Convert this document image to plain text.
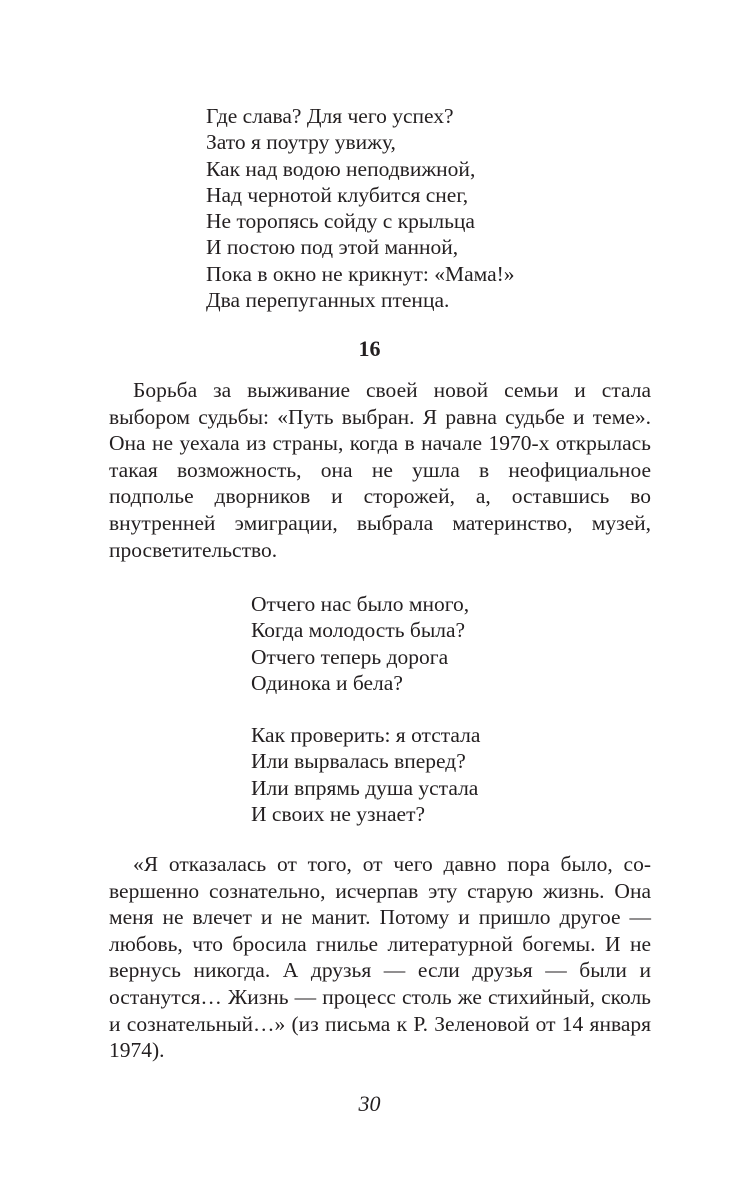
Где слава? Для чего успех?
Зато я поутру увижу,
Как над водою неподвижной,
Над чернотой клубится снег,
Не торопясь сойду с крыльца
И постою под этой манной,
Пока в окно не крикнут: «Мама!»
Два перепуганных птенца.
16

Борьба за выживание своей новой семьи и стала выбором судьбы: «Путь выбран. Я равна судьбе и теме». Она не уехала из страны, когда в начале 1970-х открылась такая возможность, она не ушла в неофициальное подполье дворников и сторожей, а, оставшись во внутренней эмиграции, выбрала материнство, музей, просветительство.

Отчего нас было много,
Когда молодость была?
Отчего теперь дорога
Одинока и бела?
Как проверить: я отстала
Или вырвалась вперед?
Или впрямь душа устала
И своих не узнает?

«Я отказалась от того, от чего давно пора было, совершенно сознательно, исчерпав эту старую жизнь. Она меня не влечет и не манит. Потому и пришло другое — любовь, что бросила гнилье литературной богемы. И не вернусь никогда. А друзья — если друзья — были и останутся… Жизнь — процесс столь же стихийный, сколь и сознательный…» (из письма к Р. Зеленовой от 14 января 1974).

30
